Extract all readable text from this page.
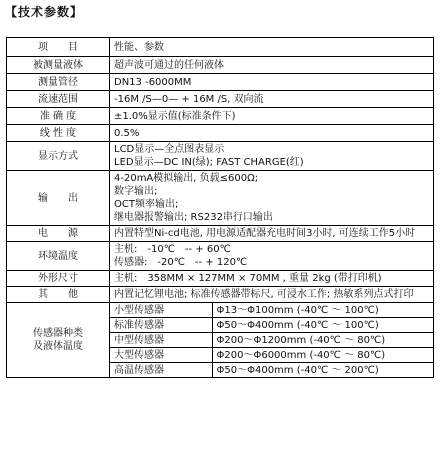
【技术参数】
项　　目	性能、参数
被测量液体	超声波可通过的任何液体
测量管径	DN13 -6000MM
流速范围	-16M /S—0— + 16M /S, 双向流
准 确 度	±1.0%显示值(标准条件下)
线 性 度	0.5%
显示方式	LCD显示—全点图表显示
LED显示—DC IN(绿); FAST CHARGE(红)
输　　出	4-20mA模拟输出, 负载≤600Ω;
数字输出;
OCT频率输出;
继电器报警输出; RS232串行口输出
电　　源	内置特型Ni-cd电池, 用电源适配器充电时间3小时, 可连续工作5小时
环境温度	主机:　-10℃　-- + 60℃
传感器:　-20℃　-- + 120℃
外形尺寸	主机:　358MM × 127MM × 70MM , 重量 2kg (带打印机)
其　　他	内置记忆锂电池; 标准传感器带标尺, 可浸水工作; 热敏系列点式打印
传感器种类
及液体温度	
小型传感器	Φ13～Φ100mm (-40℃ ～ 100℃)
标准传感器	Φ50～Φ400mm (-40℃ ～ 100℃)
中型传感器	Φ200～Φ1200mm (-40℃ ～ 80℃)
大型传感器	Φ200～Φ6000mm (-40℃ ～ 80℃)
高温传感器	Φ50～Φ400mm (-40℃ ～ 200℃)
